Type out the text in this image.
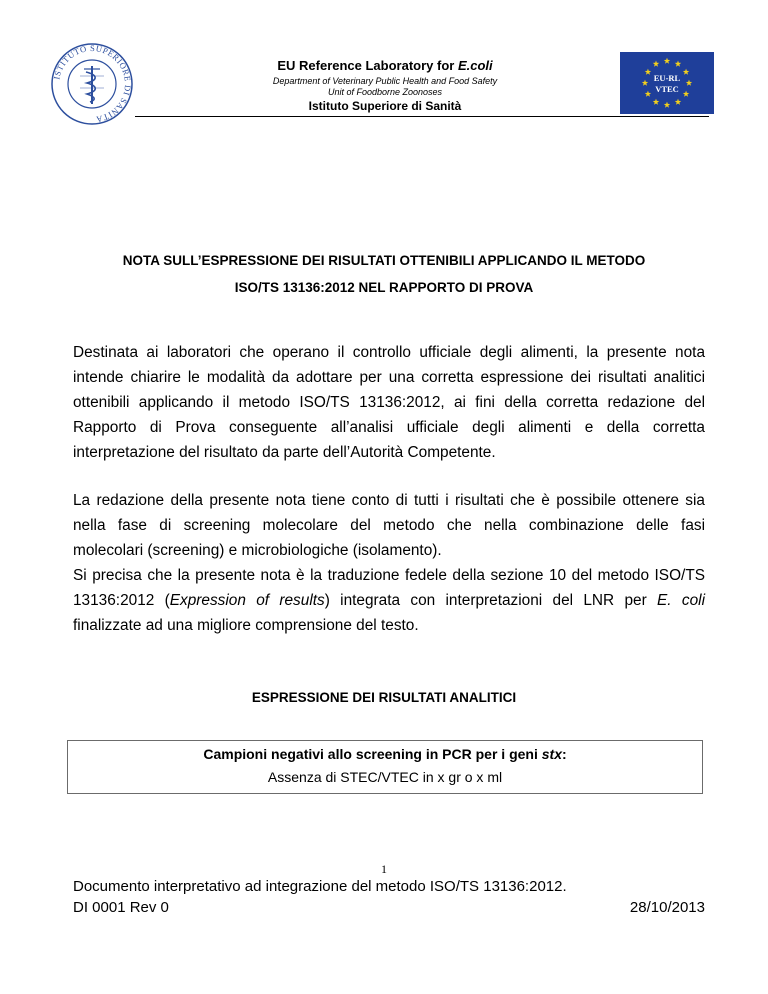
ISTITUTO SUPERIORE DI SANITÀ
EU Reference Laboratory for E.coli
Department of Veterinary Public Health and Food Safety
Unit of Foodborne Zoonoses
Istituto Superiore di Sanità
EU-RL
VTEC
NOTA SULL’ESPRESSIONE DEI RISULTATI OTTENIBILI APPLICANDO IL METODO
ISO/TS 13136:2012 NEL RAPPORTO DI PROVA

Destinata ai laboratori che operano il controllo ufficiale degli alimenti, la presente nota

intende chiarire le modalità da adottare per una corretta espressione dei risultati analitici

ottenibili applicando il metodo ISO/TS 13136:2012, ai fini della corretta redazione del

Rapporto di Prova conseguente all’analisi ufficiale degli alimenti e della corretta

interpretazione del risultato da parte dell’Autorità Competente.

La redazione della presente nota tiene conto di tutti i risultati che è possibile ottenere sia

nella fase di screening molecolare del metodo che nella combinazione delle fasi

molecolari (screening) e microbiologiche (isolamento).

Si precisa che la presente nota è la traduzione fedele della sezione 10 del metodo ISO/TS

13136:2012 (Expression of results) integrata con interpretazioni del LNR per E. coli

finalizzate ad una migliore comprensione del testo.

ESPRESSIONE DEI RISULTATI ANALITICI
Campioni negativi allo screening in PCR per i geni stx:
Assenza di STEC/VTEC in x gr o x ml
1
Documento interpretativo ad integrazione del metodo ISO/TS 13136:2012.
DI 0001 Rev 0	28/10/2013
